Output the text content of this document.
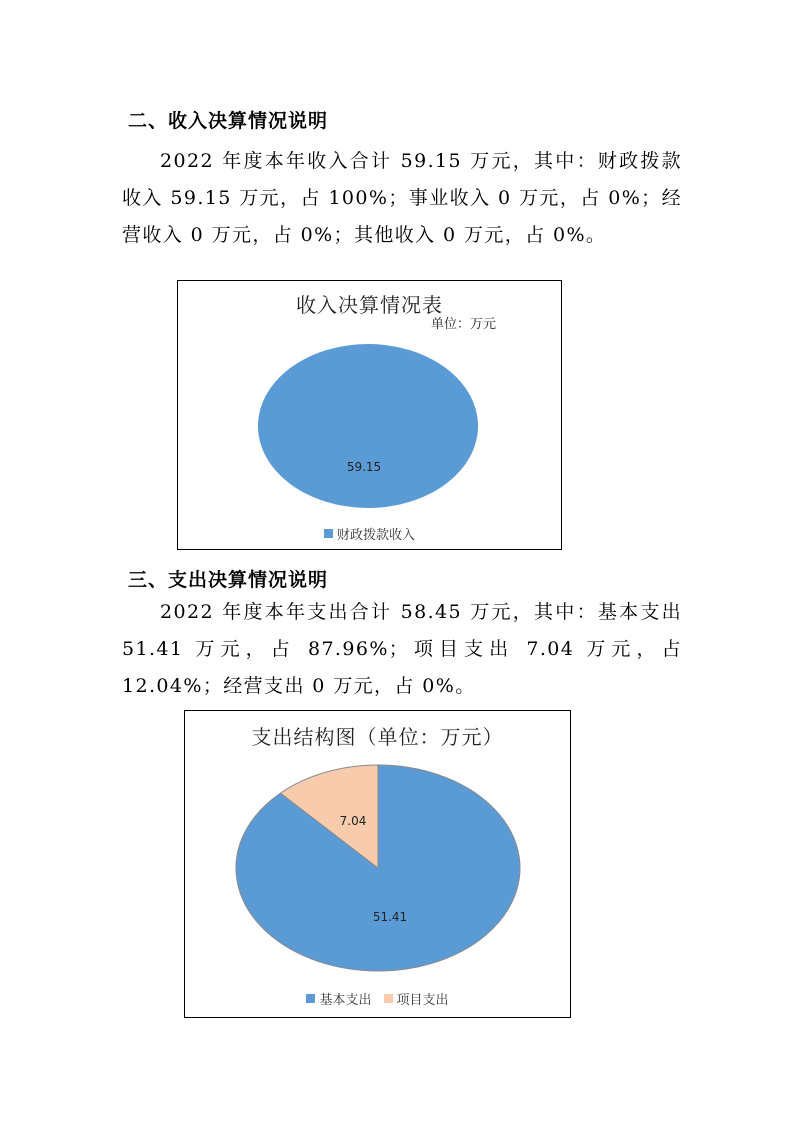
二、收入决算情况说明
2022 年度本年收入合计 59.15 万元，其中：财政拨款收入 59.15 万元，占 100%；事业收入 0 万元，占 0%；经营收入 0 万元，占 0%；其他收入 0 万元，占 0%。
收入决算情况表
单位：万元
59.15
财政拨款收入
三、支出决算情况说明
2022 年度本年支出合计 58.45 万元，其中：基本支出 51.41 万元，占 87.96%；项目支出 7.04 万元，占 12.04%；经营支出 0 万元，占 0%。
支出结构图（单位：万元）
51.41
7.04
基本支出 项目支出
